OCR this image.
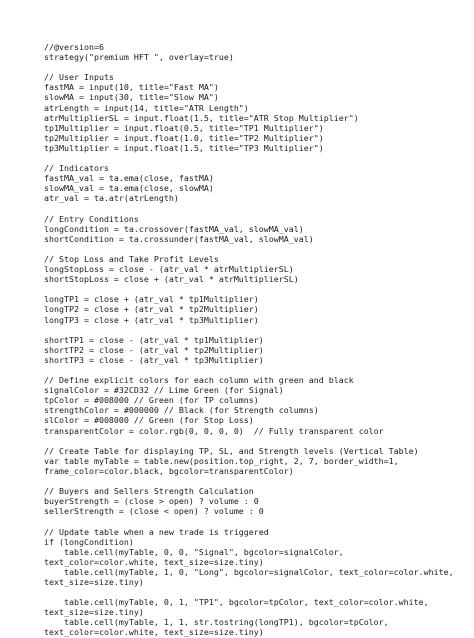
//@version=6
strategy("premium HFT ", overlay=true)
// User Inputs
fastMA = input(10, title="Fast MA")
slowMA = input(30, title="Slow MA")
atrLength = input(14, title="ATR Length")
atrMultiplierSL = input.float(1.5, title="ATR Stop Multiplier")
tp1Multiplier = input.float(0.5, title="TP1 Multiplier")
tp2Multiplier = input.float(1.0, title="TP2 Multiplier")
tp3Multiplier = input.float(1.5, title="TP3 Multiplier")
// Indicators
fastMA_val = ta.ema(close, fastMA)
slowMA_val = ta.ema(close, slowMA)
atr_val = ta.atr(atrLength)
// Entry Conditions
longCondition = ta.crossover(fastMA_val, slowMA_val)
shortCondition = ta.crossunder(fastMA_val, slowMA_val)
// Stop Loss and Take Profit Levels
longStopLoss = close - (atr_val * atrMultiplierSL)
shortStopLoss = close + (atr_val * atrMultiplierSL)
longTP1 = close + (atr_val * tp1Multiplier)
longTP2 = close + (atr_val * tp2Multiplier)
longTP3 = close + (atr_val * tp3Multiplier)
shortTP1 = close - (atr_val * tp1Multiplier)
shortTP2 = close - (atr_val * tp2Multiplier)
shortTP3 = close - (atr_val * tp3Multiplier)
// Define explicit colors for each column with green and black
signalColor = #32CD32 // Lime Green (for Signal)
tpColor = #008000 // Green (for TP columns)
strengthColor = #000000 // Black (for Strength columns)
slColor = #008000 // Green (for Stop Loss)
transparentColor = color.rgb(0, 0, 0, 0)  // Fully transparent color
// Create Table for displaying TP, SL, and Strength levels (Vertical Table)
var table myTable = table.new(position.top_right, 2, 7, border_width=1,
frame_color=color.black, bgcolor=transparentColor)
// Buyers and Sellers Strength Calculation
buyerStrength = (close > open) ? volume : 0
sellerStrength = (close < open) ? volume : 0
// Update table when a new trade is triggered
if (longCondition)
table.cell(myTable, 0, 0, "Signal", bgcolor=signalColor,
text_color=color.white, text_size=size.tiny)
table.cell(myTable, 1, 0, "Long", bgcolor=signalColor, text_color=color.white,
text_size=size.tiny)
table.cell(myTable, 0, 1, "TP1", bgcolor=tpColor, text_color=color.white,
text_size=size.tiny)
table.cell(myTable, 1, 1, str.tostring(longTP1), bgcolor=tpColor,
text_color=color.white, text_size=size.tiny)
